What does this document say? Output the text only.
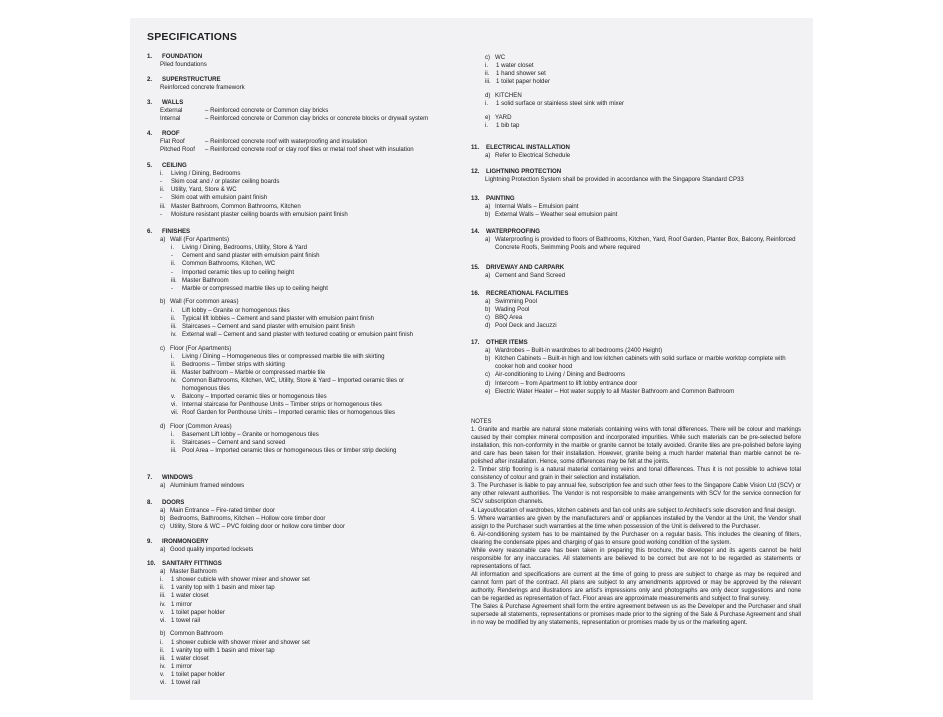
SPECIFICATIONS
1. FOUNDATION
Piled foundations
2. SUPERSTRUCTURE
Reinforced concrete framework
3. WALLS
External	– Reinforced concrete or Common clay bricks
Internal	– Reinforced concrete or Common clay bricks or concrete blocks or drywall system
4. ROOF
Flat Roof	– Reinforced concrete roof with waterproofing and insulation
Pitched Roof – Reinforced concrete roof or clay roof tiles or metal roof sheet with insulation
5. CEILING
i. Living / Dining, Bedrooms
- Skim coat and / or plaster ceiling boards
ii. Utility, Yard, Store & WC
- Skim coat with emulsion paint finish
iii. Master Bathroom, Common Bathrooms, Kitchen
- Moisture resistant plaster ceiling boards with emulsion paint finish
6. FINISHES
a) Wall (For Apartments)
i. Living / Dining, Bedrooms, Utility, Store & Yard
- Cement and sand plaster with emulsion paint finish
ii. Common Bathrooms, Kitchen, WC
- Imported ceramic tiles up to ceiling height
iii. Master Bathroom
- Marble or compressed marble tiles up to ceiling height
b) Wall (For common areas)
i. Lift lobby – Granite or homogenous tiles
ii. Typical lift lobbies – Cement and sand plaster with emulsion paint finish
iii. Staircases – Cement and sand plaster with emulsion paint finish
iv. External wall – Cement and sand plaster with textured coating or emulsion paint finish
c) Floor (For Apartments)
i. Living / Dining – Homogeneous tiles or compressed marble tile with skirting
ii. Bedrooms – Timber strips with skirting
iii. Master bathroom – Marble or compressed marble tile
iv. Common Bathrooms, Kitchen, WC, Utility, Store & Yard – Imported ceramic tiles or
homogenous tiles
v. Balcony – Imported ceramic tiles or homogenous tiles
vi. Internal staircase for Penthouse Units – Timber strips or homogenous tiles
vii. Roof Garden for Penthouse Units – Imported ceramic tiles or homogenous tiles
d) Floor (Common Areas)
i. Basement Lift lobby – Granite or homogenous tiles
ii. Staircases – Cement and sand screed
iii. Pool Area – Imported ceramic tiles or homogeneous tiles or timber strip decking
7. WINDOWS
a) Aluminium framed windows
8. DOORS
a) Main Entrance – Fire-rated timber door
b) Bedrooms, Bathrooms, Kitchen – Hollow core timber door
c) Utility, Store & WC – PVC folding door or hollow core timber door
9. IRONMONGERY
a) Good quality imported locksets
10. SANITARY FITTINGS
a) Master Bathroom
i. 1 shower cubicle with shower mixer and shower set
ii. 1 vanity top with 1 basin and mixer tap
iii. 1 water closet
iv. 1 mirror
v. 1 toilet paper holder
vi. 1 towel rail
b) Common Bathroom
i. 1 shower cubicle with shower mixer and shower set
ii. 1 vanity top with 1 basin and mixer tap
iii. 1 water closet
iv. 1 mirror
v. 1 toilet paper holder
vi. 1 towel rail
c) WC
i. 1 water closet
ii. 1 hand shower set
iii. 1 toilet paper holder
d) KITCHEN
i. 1 solid surface or stainless steel sink with mixer
e) YARD
i. 1 bib tap
11. ELECTRICAL INSTALLATION
a) Refer to Electrical Schedule
12. LIGHTNING PROTECTION
Lightning Protection System shall be provided in accordance with the Singapore Standard CP33
13. PAINTING
a) Internal Walls – Emulsion paint
b) External Walls – Weather seal emulsion paint
14. WATERPROOFING
a) Waterproofing is provided to floors of Bathrooms, Kitchen, Yard, Roof Garden, Planter Box, Balcony, Reinforced
Concrete Roofs, Swimming Pools and where required
15. DRIVEWAY AND CARPARK
a) Cement and Sand Screed
16. RECREATIONAL FACILITIES
a) Swimming Pool
b) Wading Pool
c) BBQ Area
d) Pool Deck and Jacuzzi
17. OTHER ITEMS
a) Wardrobes – Built-in wardrobes to all bedrooms (2400 Height)
b) Kitchen Cabinets – Built-in high and low kitchen cabinets with solid surface or marble worktop complete with
cooker hob and cooker hood
c) Air-conditioning to Living / Dining and Bedrooms
d) Intercom – from Apartment to lift lobby entrance door
e) Electric Water Heater – Hot water supply to all Master Bathroom and Common Bathroom
NOTES

1. Granite and marble are natural stone materials containing veins with tonal differences. There will be colour and markings caused by their complex mineral composition and incorporated impurities. While such materials can be pre-selected before installation, this non-conformity in the marble or granite cannot be totally avoided. Granite tiles are pre-polished before laying and care has been taken for their installation. However, granite being a much harder material than marble cannot be re-polished after installation. Hence, some differences may be felt at the joints.

2. Timber strip flooring is a natural material containing veins and tonal differences. Thus it is not possible to achieve total consistency of colour and grain in their selection and installation.

3. The Purchaser is liable to pay annual fee, subscription fee and such other fees to the Singapore Cable Vision Ltd (SCV) or any other relevant authorities. The Vendor is not responsible to make arrangements with SCV for the service connection for SCV subscription channels.

4. Layout/location of wardrobes, kitchen cabinets and fan coil units are subject to Architect's sole discretion and final design.

5. Where warranties are given by the manufacturers and/ or appliances installed by the Vendor at the Unit, the Vendor shall assign to the Purchaser such warranties at the time when possession of the Unit is delivered to the Purchaser.

6. Air-conditioning system has to be maintained by the Purchaser on a regular basis. This includes the cleaning of filters, clearing the condensate pipes and charging of gas to ensure good working condition of the system.

While every reasonable care has been taken in preparing this brochure, the developer and its agents cannot be held responsible for any inaccuracies. All statements are believed to be correct but are not to be regarded as statements or representations of fact.

All information and specifications are current at the time of going to press are subject to charge as may be required and cannot form part of the contract. All plans are subject to any amendments approved or may be approved by the relevant authority. Renderings and illustrations are artist's impressions only and photographs are only decor suggestions and none can be regarded as representation of fact. Floor areas are approximate measurements and subject to final survey.

The Sales & Purchase Agreement shall form the entire agreement between us as the Developer and the Purchaser and shall supersede all statements, representations or promises made prior to the signing of the Sale & Purchase Agreement and shall in no way be modified by any statements, representation or promises made by us or the marketing agent.
